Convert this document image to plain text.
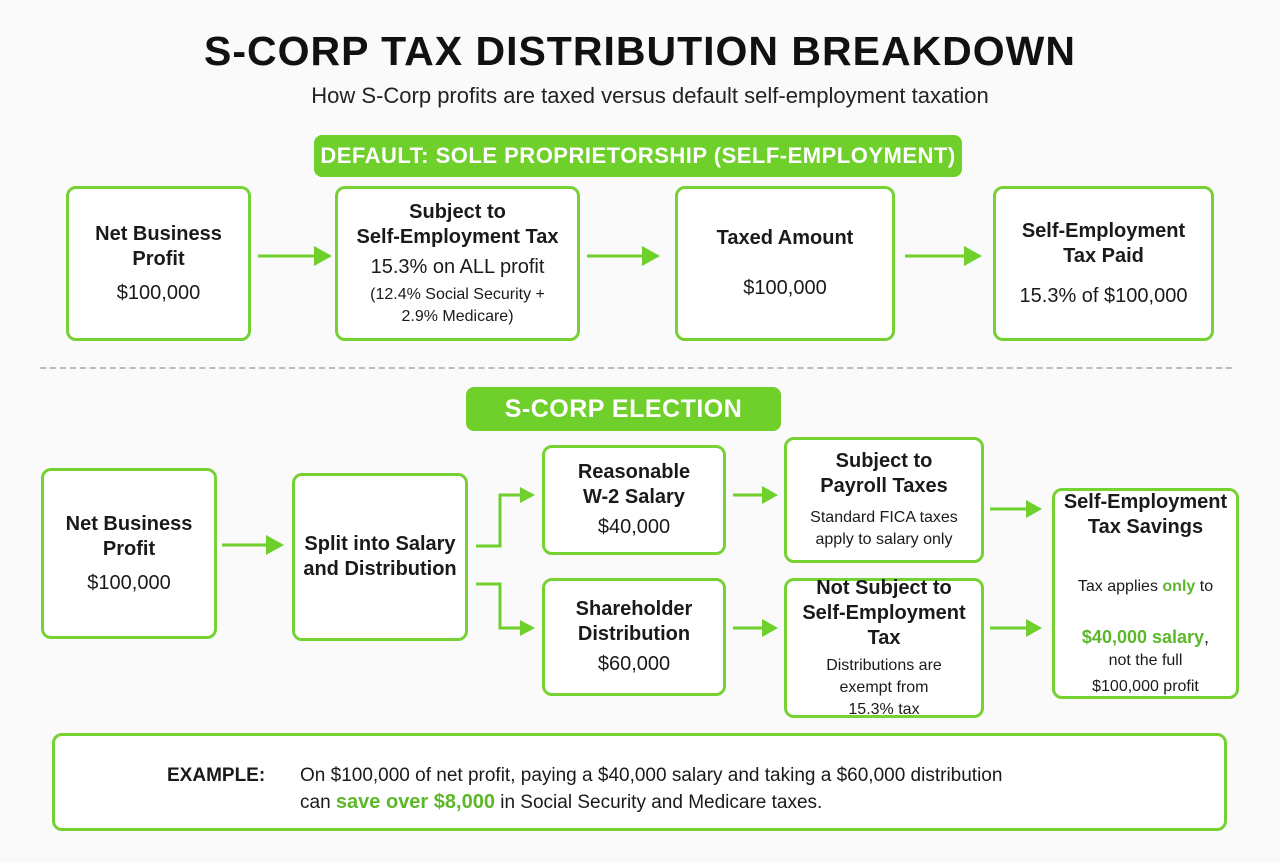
S-CORP TAX DISTRIBUTION BREAKDOWN
How S-Corp profits are taxed versus default self-employment taxation
DEFAULT: SOLE PROPRIETORSHIP (SELF-EMPLOYMENT)
Net Business
Profit
$100,000
Subject to
Self-Employment Tax
15.3% on ALL profit
(12.4% Social Security +
2.9% Medicare)
Taxed Amount
$100,000
Self-Employment
Tax Paid
15.3% of $100,000
S-CORP ELECTION
Net Business
Profit
$100,000
Split into Salary
and Distribution
Reasonable
W-2 Salary
$40,000
Shareholder
Distribution
$60,000
Subject to
Payroll Taxes
Standard FICA taxes
apply to salary only
Not Subject to
Self-Employment Tax
Distributions are
exempt from
15.3% tax
Self-Employment
Tax Savings

Tax applies only to

$40,000 salary,

not the full
$100,000 profit
EXAMPLE: On $100,000 of net profit, paying a $40,000 salary and taking a $60,000 distribution
can save over $8,000 in Social Security and Medicare taxes.
